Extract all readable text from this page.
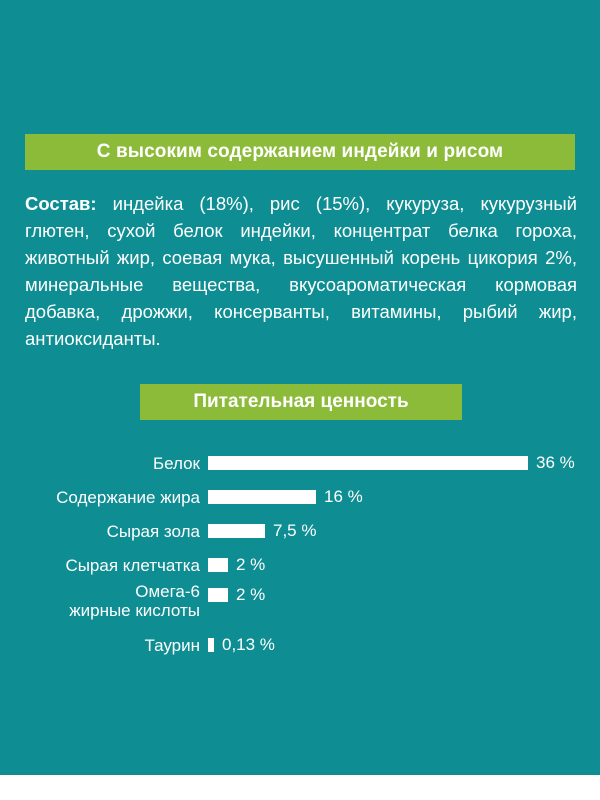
С высоким содержанием индейки и рисом
Состав: индейка (18%), рис (15%), кукуруза, кукурузный глютен, сухой белок индейки, концентрат белка гороха, животный жир, соевая мука, высушенный корень цикория 2%, минеральные вещества, вкусоароматическая кормовая добавка, дрожжи, консерванты, витамины, рыбий жир, антиоксиданты.
Питательная ценность
Белок	36 %
Содержание жира	16 %
Сырая зола	7,5 %
Сырая клетчатка	2 %
Омега-6
жирные кислоты
2 %
Таурин	0,13 %
